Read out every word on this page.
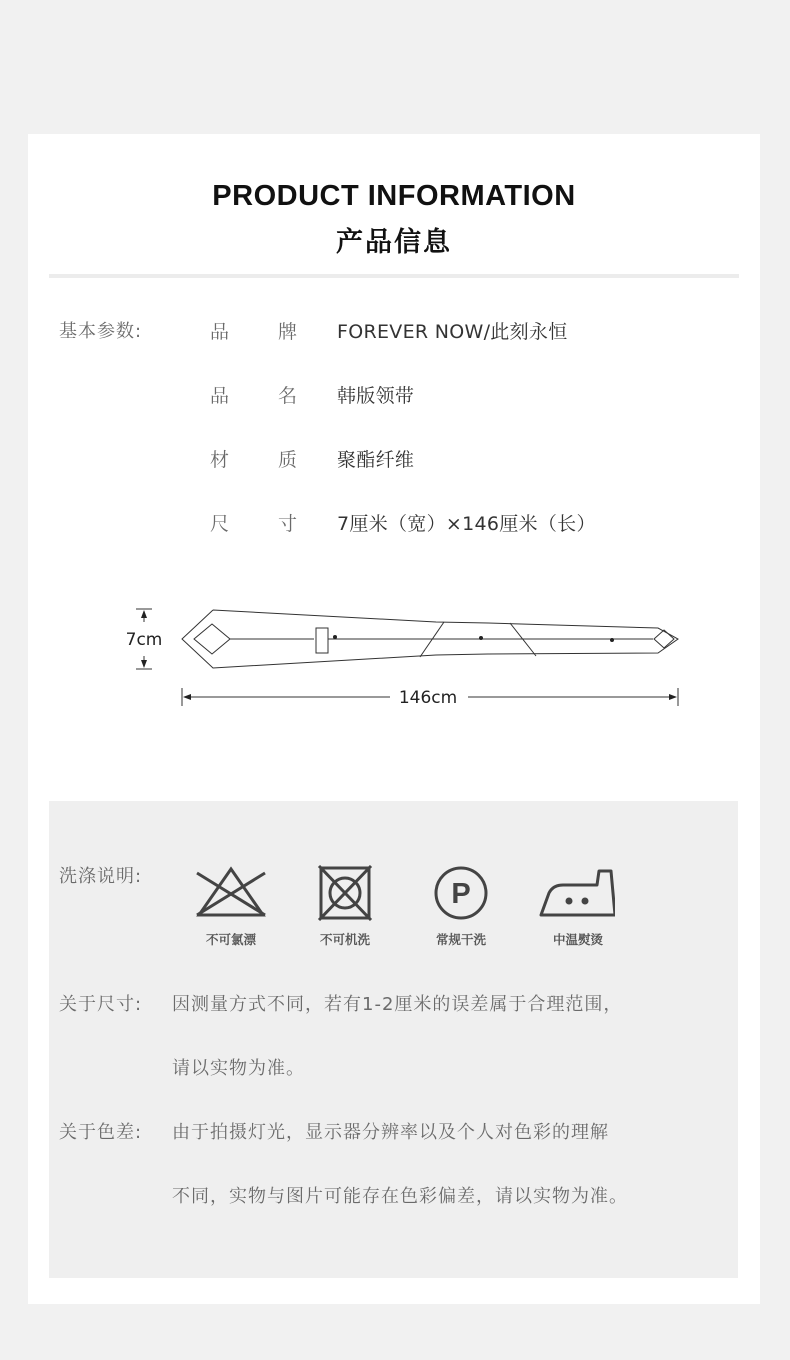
PRODUCT INFORMATION
产品信息
基本参数:	品	牌 FOREVER NOW/此刻永恒
品	名 韩版领带
材	质 聚酯纤维
尺	寸 7厘米（宽）×146厘米（长）
7cm
146cm
洗涤说明:
不可氯漂	不可机洗
P
常规干洗	中温熨烫
关于尺寸: 因测量方式不同，若有1-2厘米的误差属于合理范围，
请以实物为准。
关于色差: 由于拍摄灯光，显示器分辨率以及个人对色彩的理解
不同，实物与图片可能存在色彩偏差，请以实物为准。
